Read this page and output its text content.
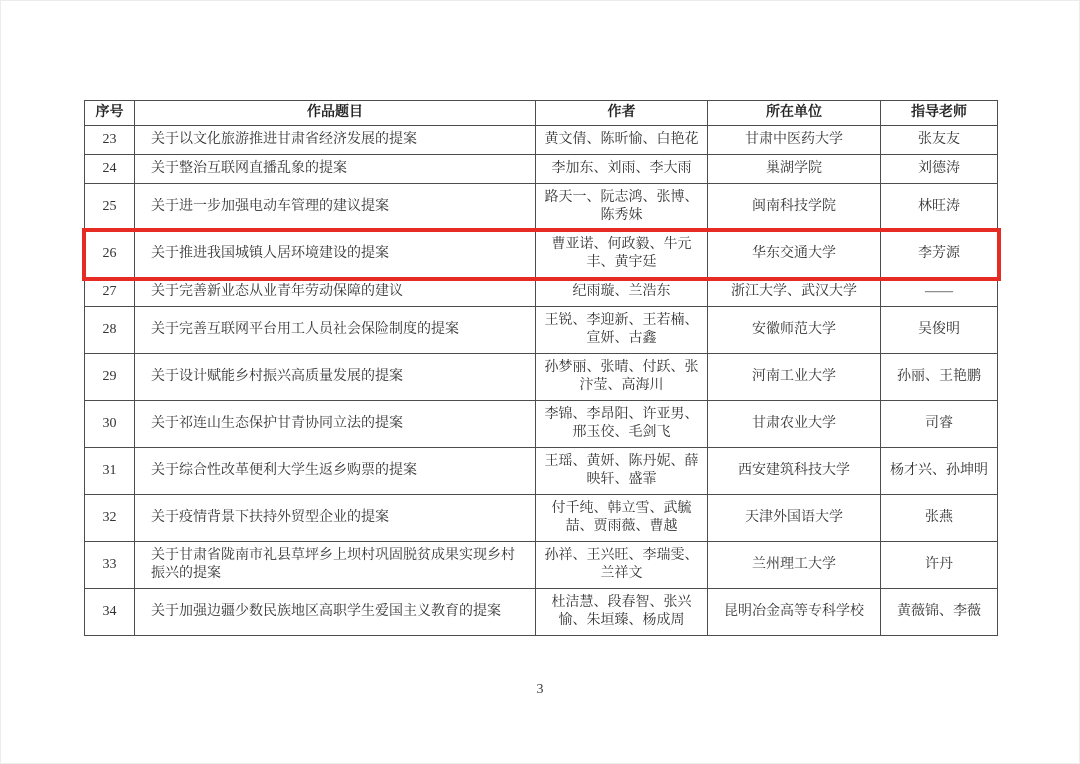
序号	作品题目	作者	所在单位	指导老师
23	关于以文化旅游推进甘肃省经济发展的提案	黄文倩、陈昕愉、白艳花	甘肃中医药大学	张友友
24	关于整治互联网直播乱象的提案	李加东、刘雨、李大雨	巢湖学院	刘德涛
25	关于进一步加强电动车管理的建议提案	路天一、阮志鸿、张博、陈秀妹	闽南科技学院	林旺涛
26	关于推进我国城镇人居环境建设的提案	曹亚诺、何政毅、牛元丰、黄宇廷	华东交通大学	李芳源
27	关于完善新业态从业青年劳动保障的建议	纪雨璇、兰浩东	浙江大学、武汉大学	——
28	关于完善互联网平台用工人员社会保险制度的提案	王锐、李迎新、王若楠、宣妍、古鑫	安徽师范大学	吴俊明
29	关于设计赋能乡村振兴高质量发展的提案	孙梦丽、张晴、付跃、张汴莹、高海川	河南工业大学	孙丽、王艳鹏
30	关于祁连山生态保护甘青协同立法的提案	李锦、李昂阳、许亚男、邢玉佼、毛剑飞	甘肃农业大学	司睿
31	关于综合性改革便利大学生返乡购票的提案	王瑶、黄妍、陈丹妮、薛映轩、盛霏	西安建筑科技大学	杨才兴、孙坤明
32	关于疫情背景下扶持外贸型企业的提案	付千纯、韩立雪、武毓喆、贾雨薇、曹越	天津外国语大学	张燕
33	关于甘肃省陇南市礼县草坪乡上坝村巩固脱贫成果实现乡村振兴的提案	孙祥、王兴旺、李瑞雯、兰祥文	兰州理工大学	许丹
34	关于加强边疆少数民族地区高职学生爱国主义教育的提案	杜洁慧、段春智、张兴愉、朱垣臻、杨成周	昆明冶金高等专科学校	黄薇锦、李薇
3
